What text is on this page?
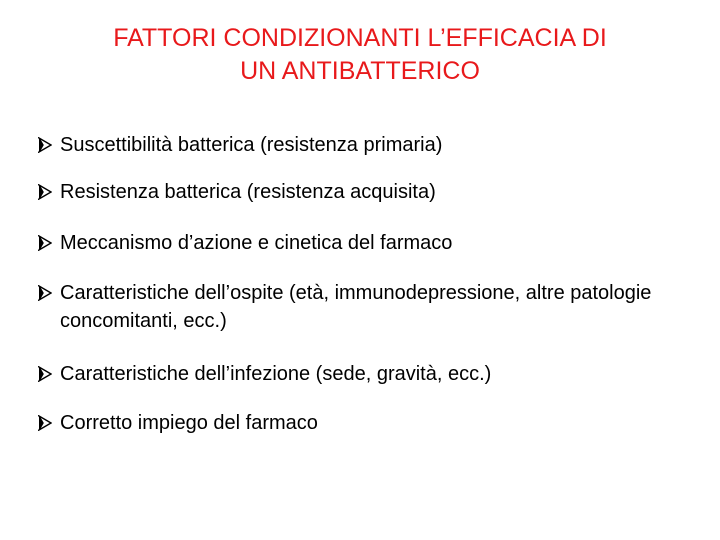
FATTORI CONDIZIONANTI L’EFFICACIA DI
UN ANTIBATTERICO
Suscettibilità batterica (resistenza primaria)
Resistenza batterica (resistenza acquisita)
Meccanismo d’azione e cinetica del farmaco
Caratteristiche dell’ospite (età, immunodepressione, altre patologie concomitanti, ecc.)
Caratteristiche dell’infezione (sede, gravità, ecc.)
Corretto impiego del farmaco
